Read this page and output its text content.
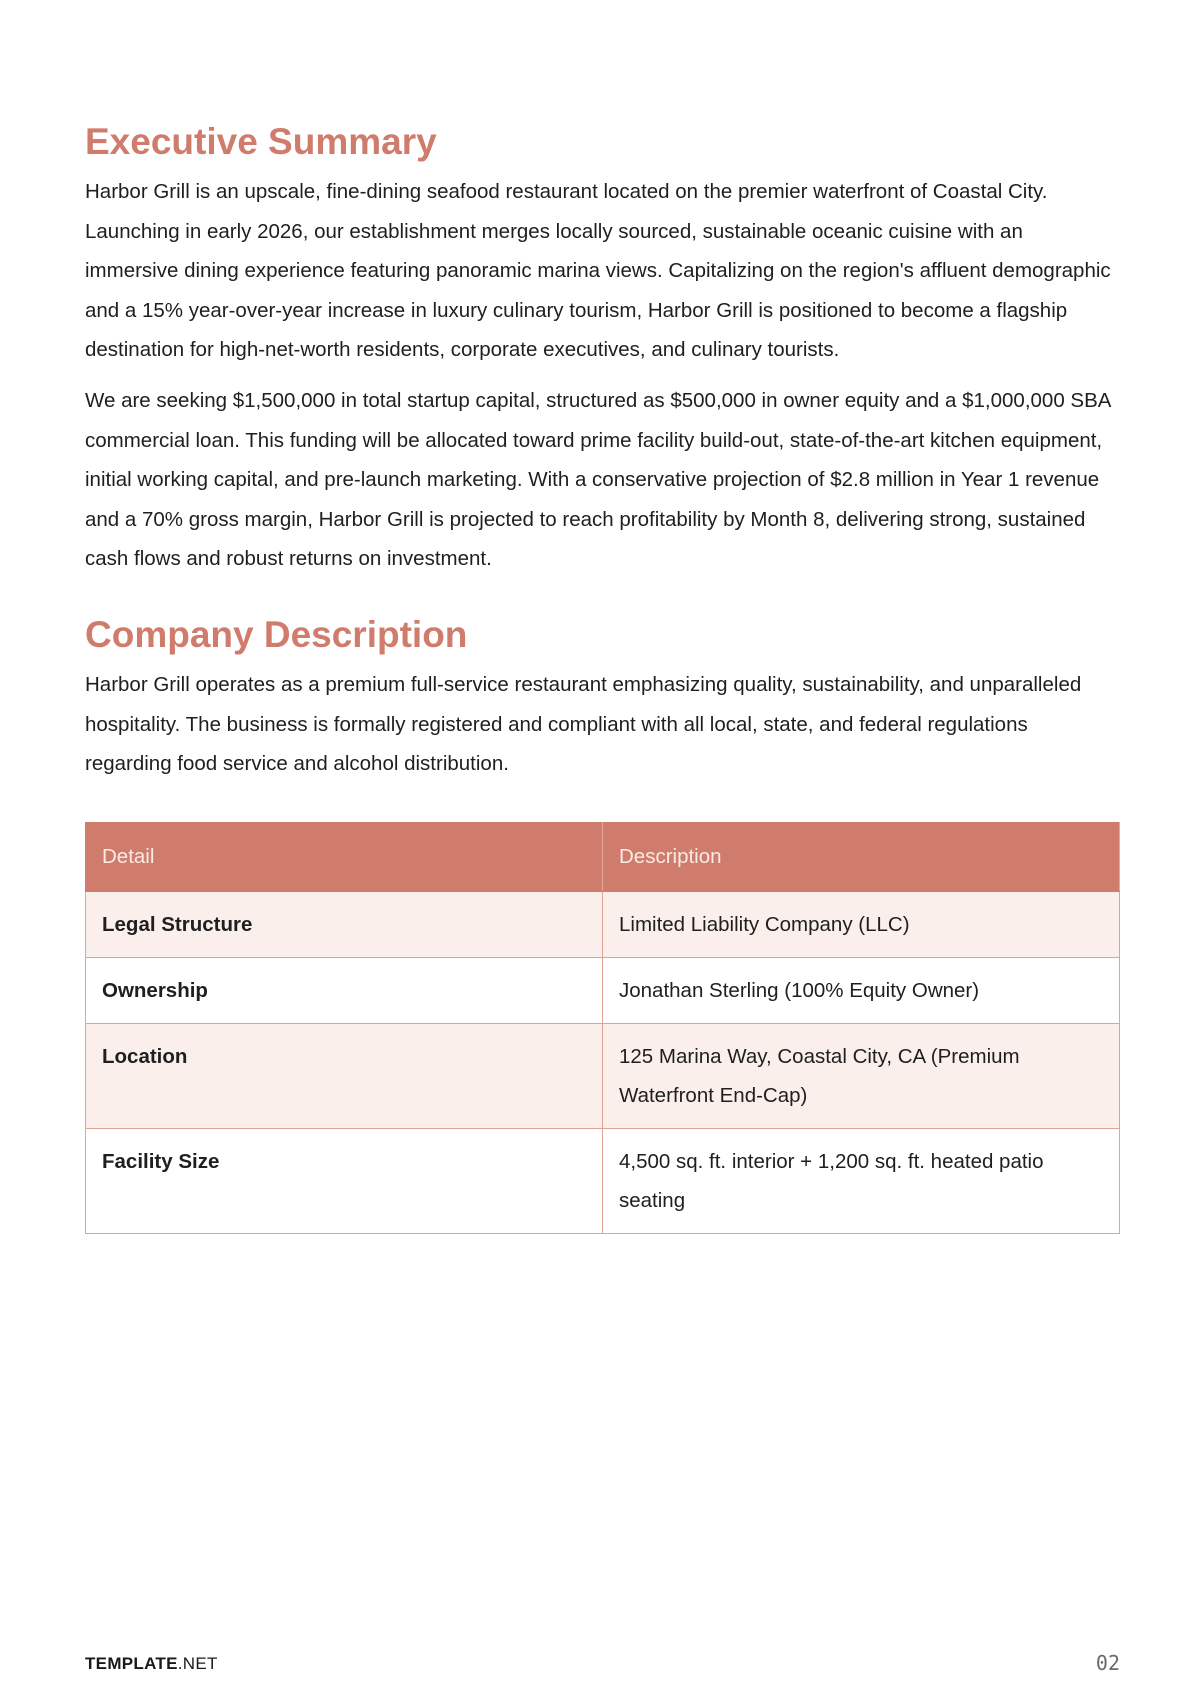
Executive Summary

Harbor Grill is an upscale, fine-dining seafood restaurant located on the premier waterfront of Coastal City. Launching in early 2026, our establishment merges locally sourced, sustainable oceanic cuisine with an immersive dining experience featuring panoramic marina views. Capitalizing on the region's affluent demographic and a 15% year-over-year increase in luxury culinary tourism, Harbor Grill is positioned to become a flagship destination for high-net-worth residents, corporate executives, and culinary tourists.

We are seeking $1,500,000 in total startup capital, structured as $500,000 in owner equity and a $1,000,000 SBA commercial loan. This funding will be allocated toward prime facility build-out, state-of-the-art kitchen equipment, initial working capital, and pre-launch marketing. With a conservative projection of $2.8 million in Year 1 revenue and a 70% gross margin, Harbor Grill is projected to reach profitability by Month 8, delivering strong, sustained cash flows and robust returns on investment.

Company Description

Harbor Grill operates as a premium full-service restaurant emphasizing quality, sustainability, and unparalleled hospitality. The business is formally registered and compliant with all local, state, and federal regulations regarding food service and alcohol distribution.

Detail	Description
Legal Structure	Limited Liability Company (LLC)
Ownership	Jonathan Sterling (100% Equity Owner)
Location	125 Marina Way, Coastal City, CA (Premium Waterfront End-Cap)
Facility Size	4,500 sq. ft. interior + 1,200 sq. ft. heated patio seating
TEMPLATE.NET	02
